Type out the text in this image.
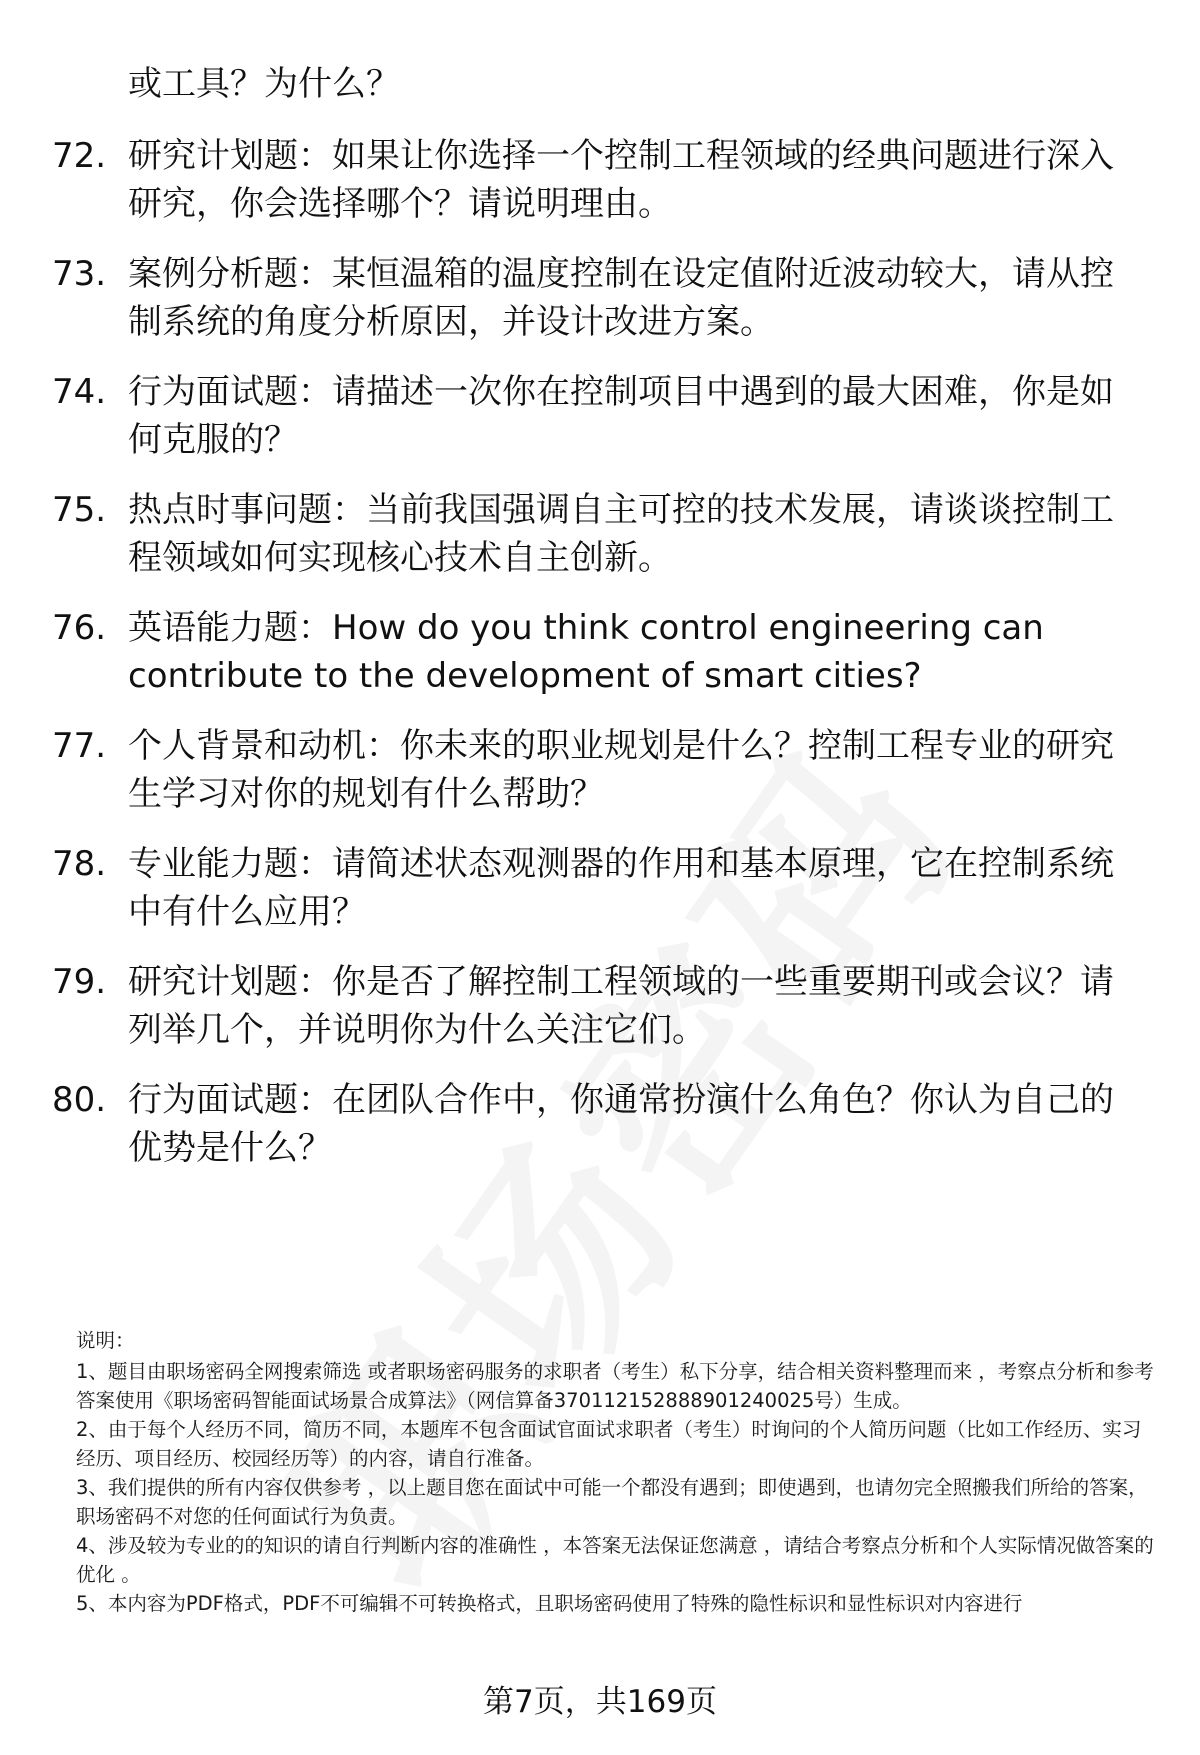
或工具？为什么？
72. 研究计划题：如果让你选择一个控制工程领域的经典问题进行深入研究，你会选择哪个？请说明理由。
73. 案例分析题：某恒温箱的温度控制在设定值附近波动较大，请从控制系统的角度分析原因，并设计改进方案。
74. 行为面试题：请描述一次你在控制项目中遇到的最大困难，你是如何克服的？
75. 热点时事问题：当前我国强调自主可控的技术发展，请谈谈控制工程领域如何实现核心技术自主创新。
76. 英语能力题：How do you think control engineering can contribute to the development of smart cities?
77. 个人背景和动机：你未来的职业规划是什么？控制工程专业的研究生学习对你的规划有什么帮助？
78. 专业能力题：请简述状态观测器的作用和基本原理，它在控制系统中有什么应用？
79. 研究计划题：你是否了解控制工程领域的一些重要期刊或会议？请列举几个，并说明你为什么关注它们。
80. 行为面试题：在团队合作中，你通常扮演什么角色？你认为自己的优势是什么？

说明：

1、题目由职场密码全网搜索筛选 或者职场密码服务的求职者（考生）私下分享，结合相关资料整理而来 ，考察点分析和参考答案使用《职场密码智能面试场景合成算法》（网信算备370112152888901240025号）生成。

2、由于每个人经历不同，简历不同，本题库不包含面试官面试求职者（考生）时询问的个人简历问题（比如工作经历、实习经历、项目经历、校园经历等）的内容，请自行准备。

3、我们提供的所有内容仅供参考 ，以上题目您在面试中可能一个都没有遇到；即使遇到，也请勿完全照搬我们所给的答案，职场密码不对您的任何面试行为负责。

4、涉及较为专业的的知识的请自行判断内容的准确性 ，本答案无法保证您满意 ，请结合考察点分析和个人实际情况做答案的优化 。

5、本内容为PDF格式，PDF不可编辑不可转换格式，且职场密码使用了特殊的隐性标识和显性标识对内容进行

第7页，共169页
